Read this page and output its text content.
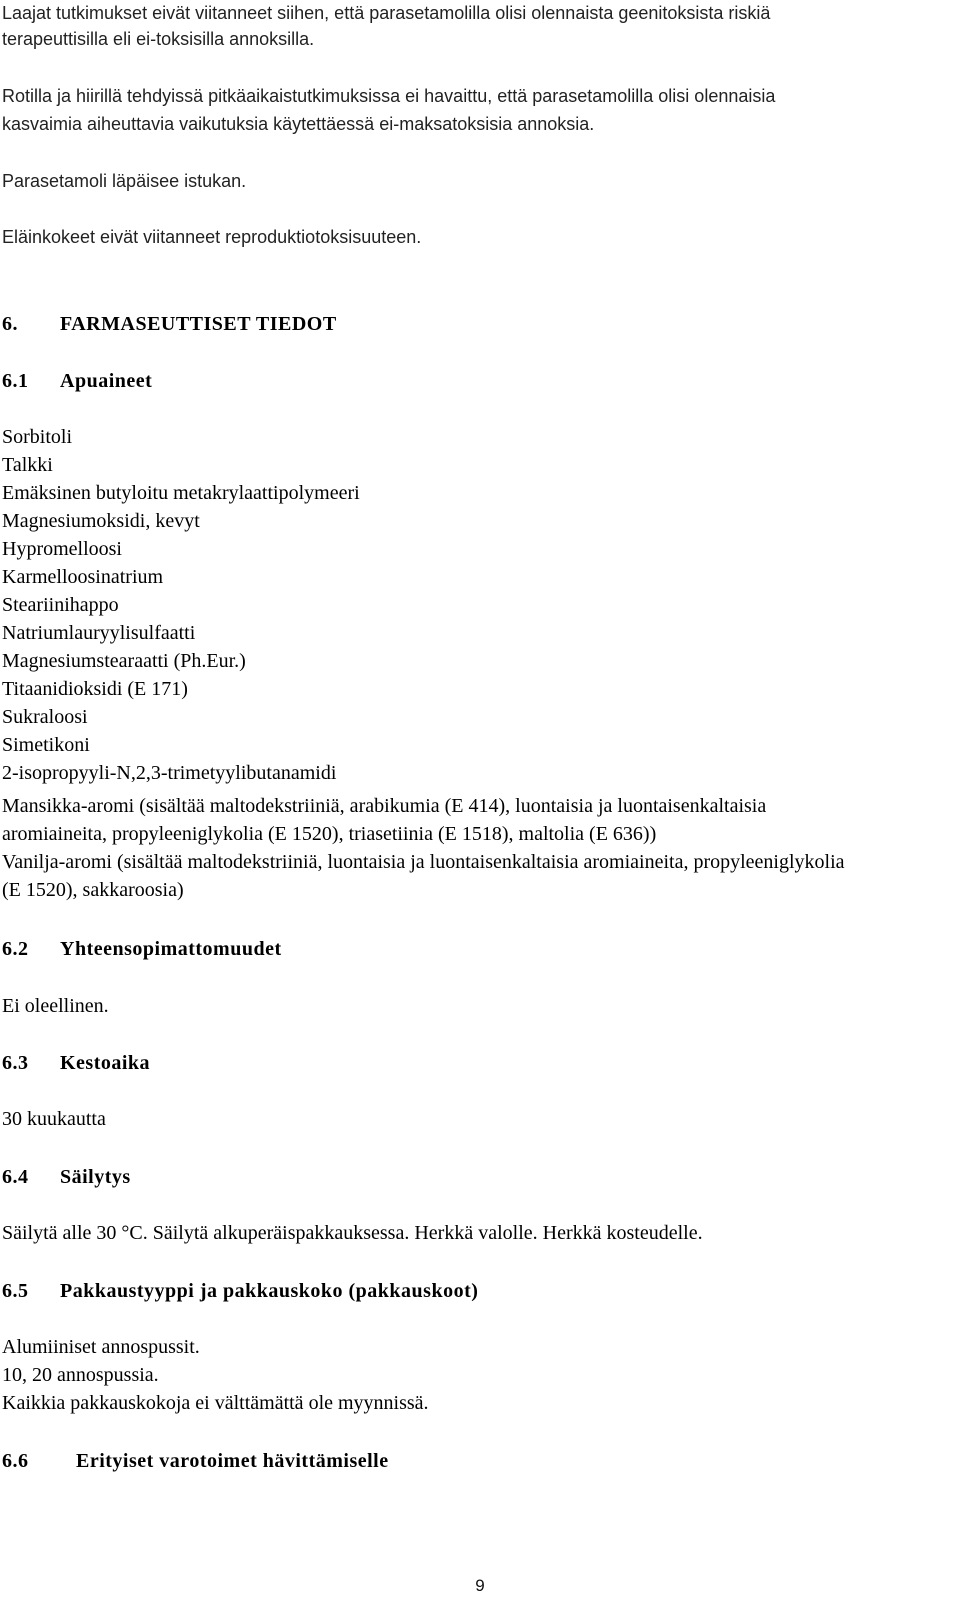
Laajat tutkimukset eivät viitanneet siihen, että parasetamolilla olisi olennaista geenitoksista riskiä
terapeuttisilla eli ei-toksisilla annoksilla.
Rotilla ja hiirillä tehdyissä pitkäaikaistutkimuksissa ei havaittu, että parasetamolilla olisi olennaisia
kasvaimia aiheuttavia vaikutuksia käytettäessä ei-maksatoksisia annoksia.
Parasetamoli läpäisee istukan.
Eläinkokeet eivät viitanneet reproduktiotoksisuuteen.
6. FARMASEUTTISET TIEDOT
6.1 Apuaineet
Sorbitoli
Talkki
Emäksinen butyloitu metakrylaattipolymeeri
Magnesiumoksidi, kevyt
Hypromelloosi
Karmelloosinatrium
Steariinihappo
Natriumlauryylisulfaatti
Magnesiumstearaatti (Ph.Eur.)
Titaanidioksidi (E 171)
Sukraloosi
Simetikoni
2-isopropyyli-N,2,3-trimetyylibutanamidi
Mansikka-aromi (sisältää maltodekstriiniä, arabikumia (E 414), luontaisia ja luontaisenkaltaisia
aromiaineita, propyleeniglykolia (E 1520), triasetiinia (E 1518), maltolia (E 636))
Vanilja-aromi (sisältää maltodekstriiniä, luontaisia ja luontaisenkaltaisia aromiaineita, propyleeniglykolia
(E 1520), sakkaroosia)
6.2 Yhteensopimattomuudet
Ei oleellinen.
6.3 Kestoaika
30 kuukautta
6.4 Säilytys
Säilytä alle 30 °C. Säilytä alkuperäispakkauksessa. Herkkä valolle. Herkkä kosteudelle.
6.5 Pakkaustyyppi ja pakkauskoko (pakkauskoot)
Alumiiniset annospussit.
10, 20 annospussia.
Kaikkia pakkauskokoja ei välttämättä ole myynnissä.
6.6 Erityiset varotoimet hävittämiselle
9
